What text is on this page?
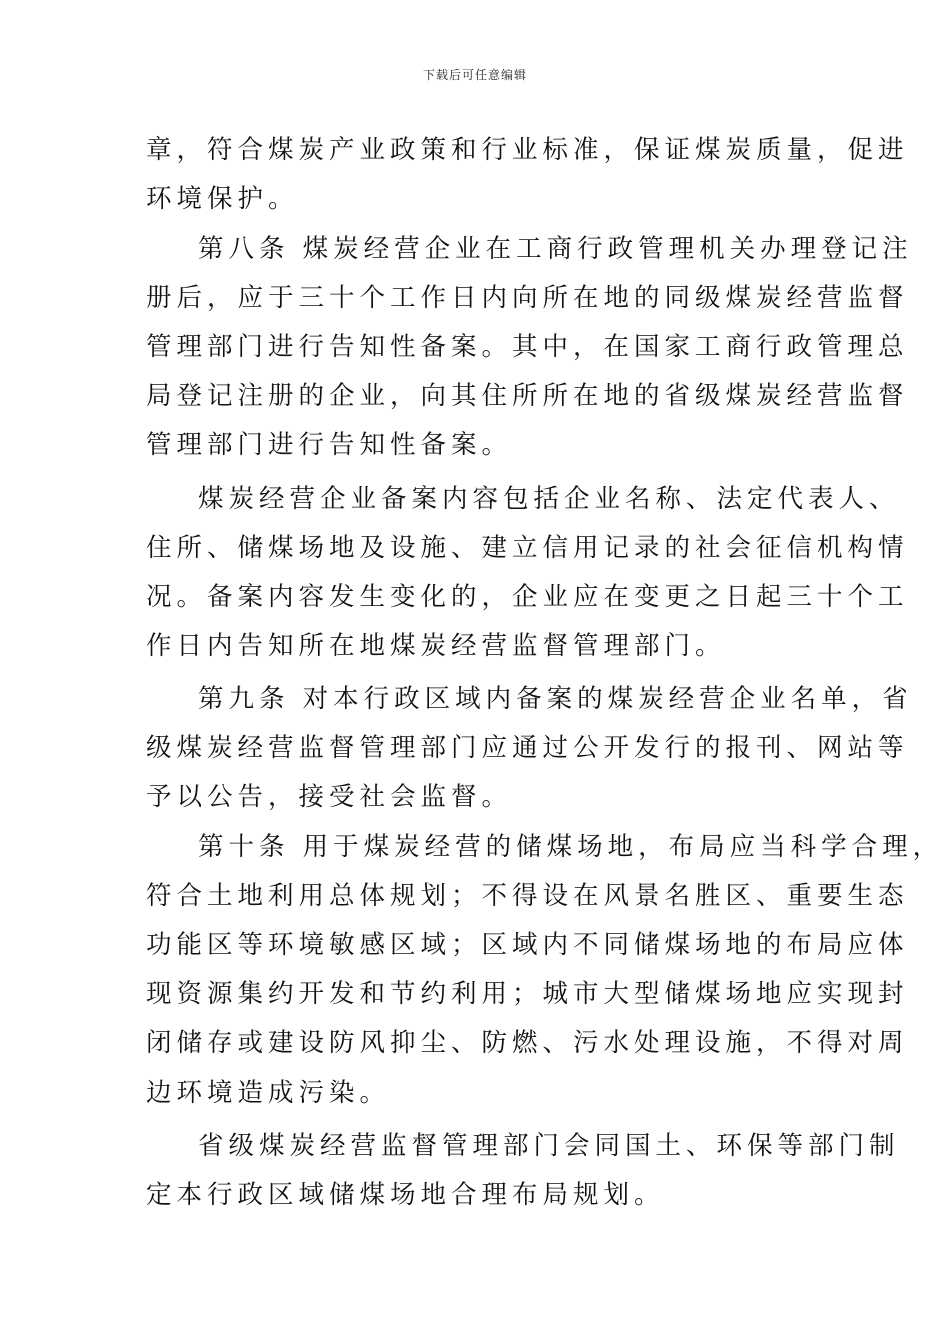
下载后可任意编辑
章，符合煤炭产业政策和行业标准，保证煤炭质量，促进
环境保护。
第八条 煤炭经营企业在工商行政管理机关办理登记注
册后，应于三十个工作日内向所在地的同级煤炭经营监督
管理部门进行告知性备案。其中，在国家工商行政管理总
局登记注册的企业，向其住所所在地的省级煤炭经营监督
管理部门进行告知性备案。
煤炭经营企业备案内容包括企业名称、法定代表人、
住所、储煤场地及设施、建立信用记录的社会征信机构情
况。备案内容发生变化的，企业应在变更之日起三十个工
作日内告知所在地煤炭经营监督管理部门。
第九条 对本行政区域内备案的煤炭经营企业名单，省
级煤炭经营监督管理部门应通过公开发行的报刊、网站等
予以公告，接受社会监督。
第十条 用于煤炭经营的储煤场地，布局应当科学合理，
符合土地利用总体规划；不得设在风景名胜区、重要生态
功能区等环境敏感区域；区域内不同储煤场地的布局应体
现资源集约开发和节约利用；城市大型储煤场地应实现封
闭储存或建设防风抑尘、防燃、污水处理设施，不得对周
边环境造成污染。
省级煤炭经营监督管理部门会同国土、环保等部门制
定本行政区域储煤场地合理布局规划。
